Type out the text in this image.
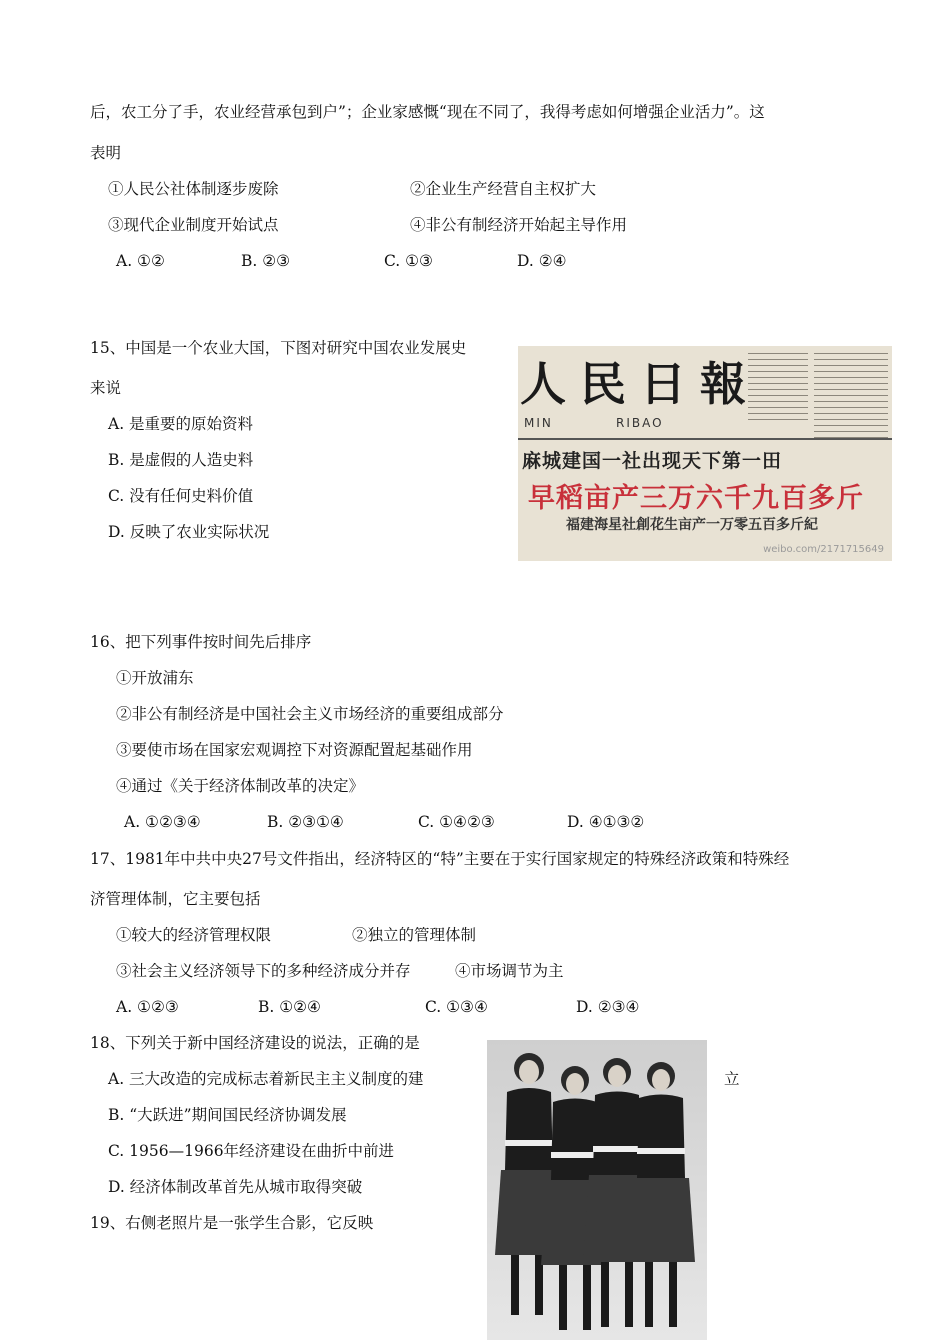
后，农工分了手，农业经营承包到户”；企业家感慨“现在不同了，我得考虑如何增强企业活力”。这
表明
①人民公社体制逐步废除	②企业生产经营自主权扩大
③现代企业制度开始试点	④非公有制经济开始起主导作用
A. ①②	B. ②③	C. ①③	D. ②④
15、中国是一个农业大国，下图对研究中国农业发展史
来说
A. 是重要的原始资料
B. 是虚假的人造史料
C. 没有任何史料价值
D. 反映了农业实际状况
人民日報
MIN	RIBAO
麻城建国一社出现天下第一田
早稻亩产三万六千九百多斤
福建海星社創花生亩产一万零五百多斤紀
weibo.com/2171715649
16、把下列事件按时间先后排序
①开放浦东
②非公有制经济是中国社会主义市场经济的重要组成部分
③要使市场在国家宏观调控下对资源配置起基础作用
④通过《关于经济体制改革的决定》
A. ①②③④	B. ②③①④	C. ①④②③	D. ④①③②
17、1981年中共中央27号文件指出，经济特区的“特”主要在于实行国家规定的特殊经济政策和特殊经
济管理体制，它主要包括
①较大的经济管理权限	②独立的管理体制
③社会主义经济领导下的多种经济成分并存	④市场调节为主
A. ①②③	B. ①②④	C. ①③④	D. ②③④
18、下列关于新中国经济建设的说法，正确的是
A. 三大改造的完成标志着新民主主义制度的建	立
B. “大跃进”期间国民经济协调发展
C. 1956—1966年经济建设在曲折中前进
D. 经济体制改革首先从城市取得突破
19、右侧老照片是一张学生合影，它反映
